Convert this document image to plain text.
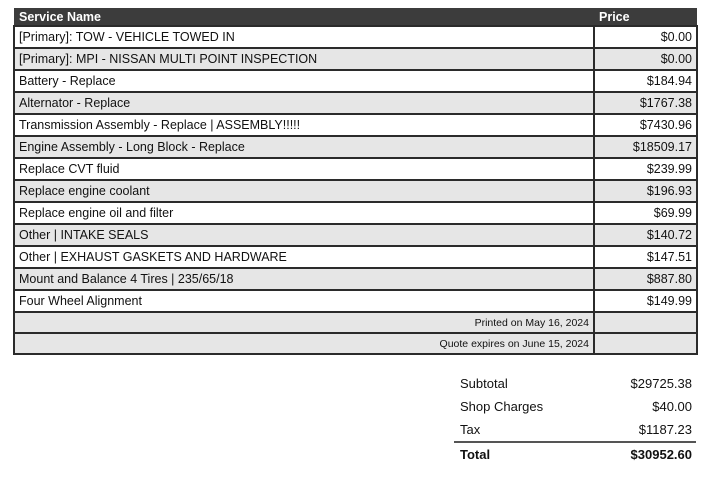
Service Name	Price
[Primary]: TOW - VEHICLE TOWED IN	$0.00
[Primary]: MPI - NISSAN MULTI POINT INSPECTION	$0.00
Battery - Replace	$184.94
Alternator - Replace	$1767.38
Transmission Assembly - Replace | ASSEMBLY!!!!!	$7430.96
Engine Assembly - Long Block - Replace	$18509.17
Replace CVT fluid	$239.99
Replace engine coolant	$196.93
Replace engine oil and filter	$69.99
Other | INTAKE SEALS	$140.72
Other | EXHAUST GASKETS AND HARDWARE	$147.51
Mount and Balance 4 Tires | 235/65/18	$887.80
Four Wheel Alignment	$149.99
Printed on May 16, 2024	
Quote expires on June 15, 2024	
Subtotal	$29725.38
Shop Charges	$40.00
Tax	$1187.23
Total	$30952.60
